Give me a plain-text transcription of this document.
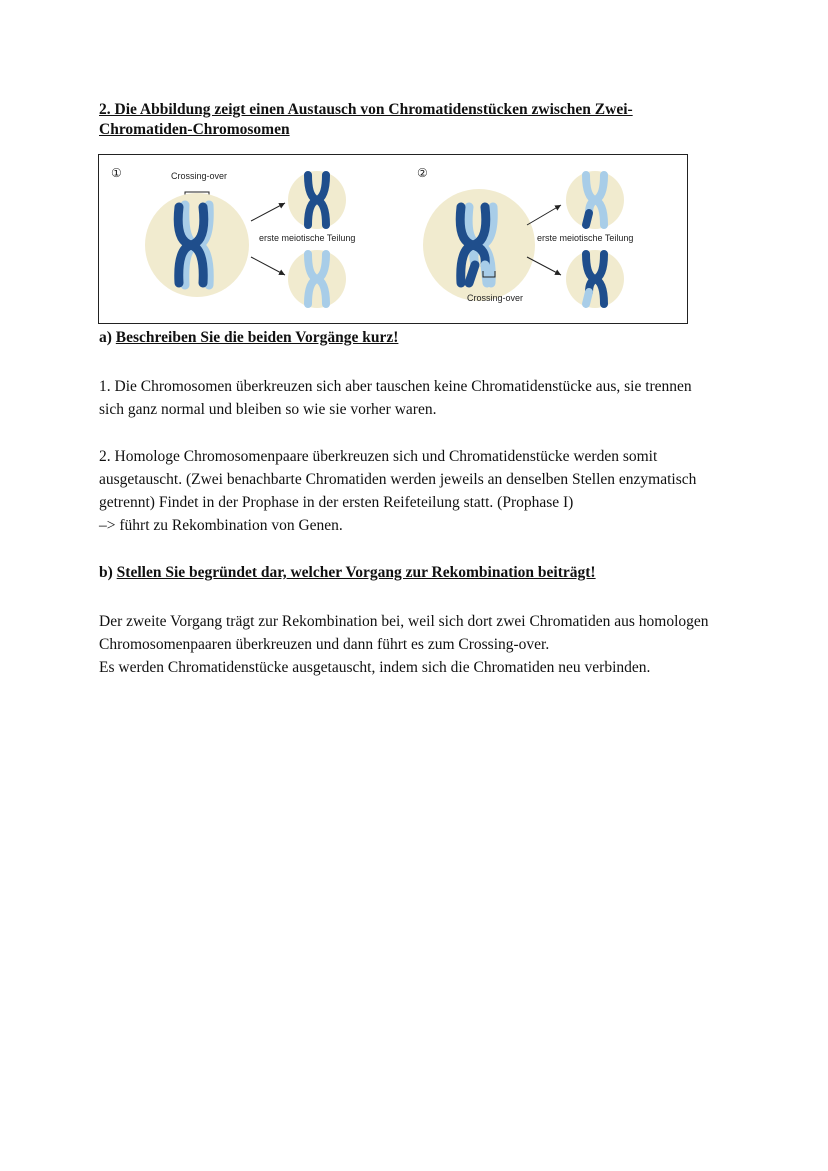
2. Die Abbildung zeigt einen Austausch von Chromatidenstücken zwischen Zwei-Chromatiden-Chromosomen
①	Crossing-over
erste meiotische Teilung
②
Crossing-over
erste meiotische Teilung
a) Beschreiben Sie die beiden Vorgänge kurz!

1. Die Chromosomen überkreuzen sich aber tauschen keine Chromatidenstücke aus, sie trennen sich ganz normal und bleiben so wie sie vorher waren.

2. Homologe Chromosomenpaare überkreuzen sich und Chromatidenstücke werden somit ausgetauscht. (Zwei benachbarte Chromatiden werden jeweils an denselben Stellen enzymatisch getrennt) Findet in der Prophase in der ersten Reifeteilung statt. (Prophase I)

–> führt zu Rekombination von Genen.

b) Stellen Sie begründet dar, welcher Vorgang zur Rekombination beiträgt!

Der zweite Vorgang trägt zur Rekombination bei, weil sich dort zwei Chromatiden aus homologen Chromosomenpaaren überkreuzen und dann führt es zum Crossing-over.

Es werden Chromatidenstücke ausgetauscht, indem sich die Chromatiden neu verbinden.
